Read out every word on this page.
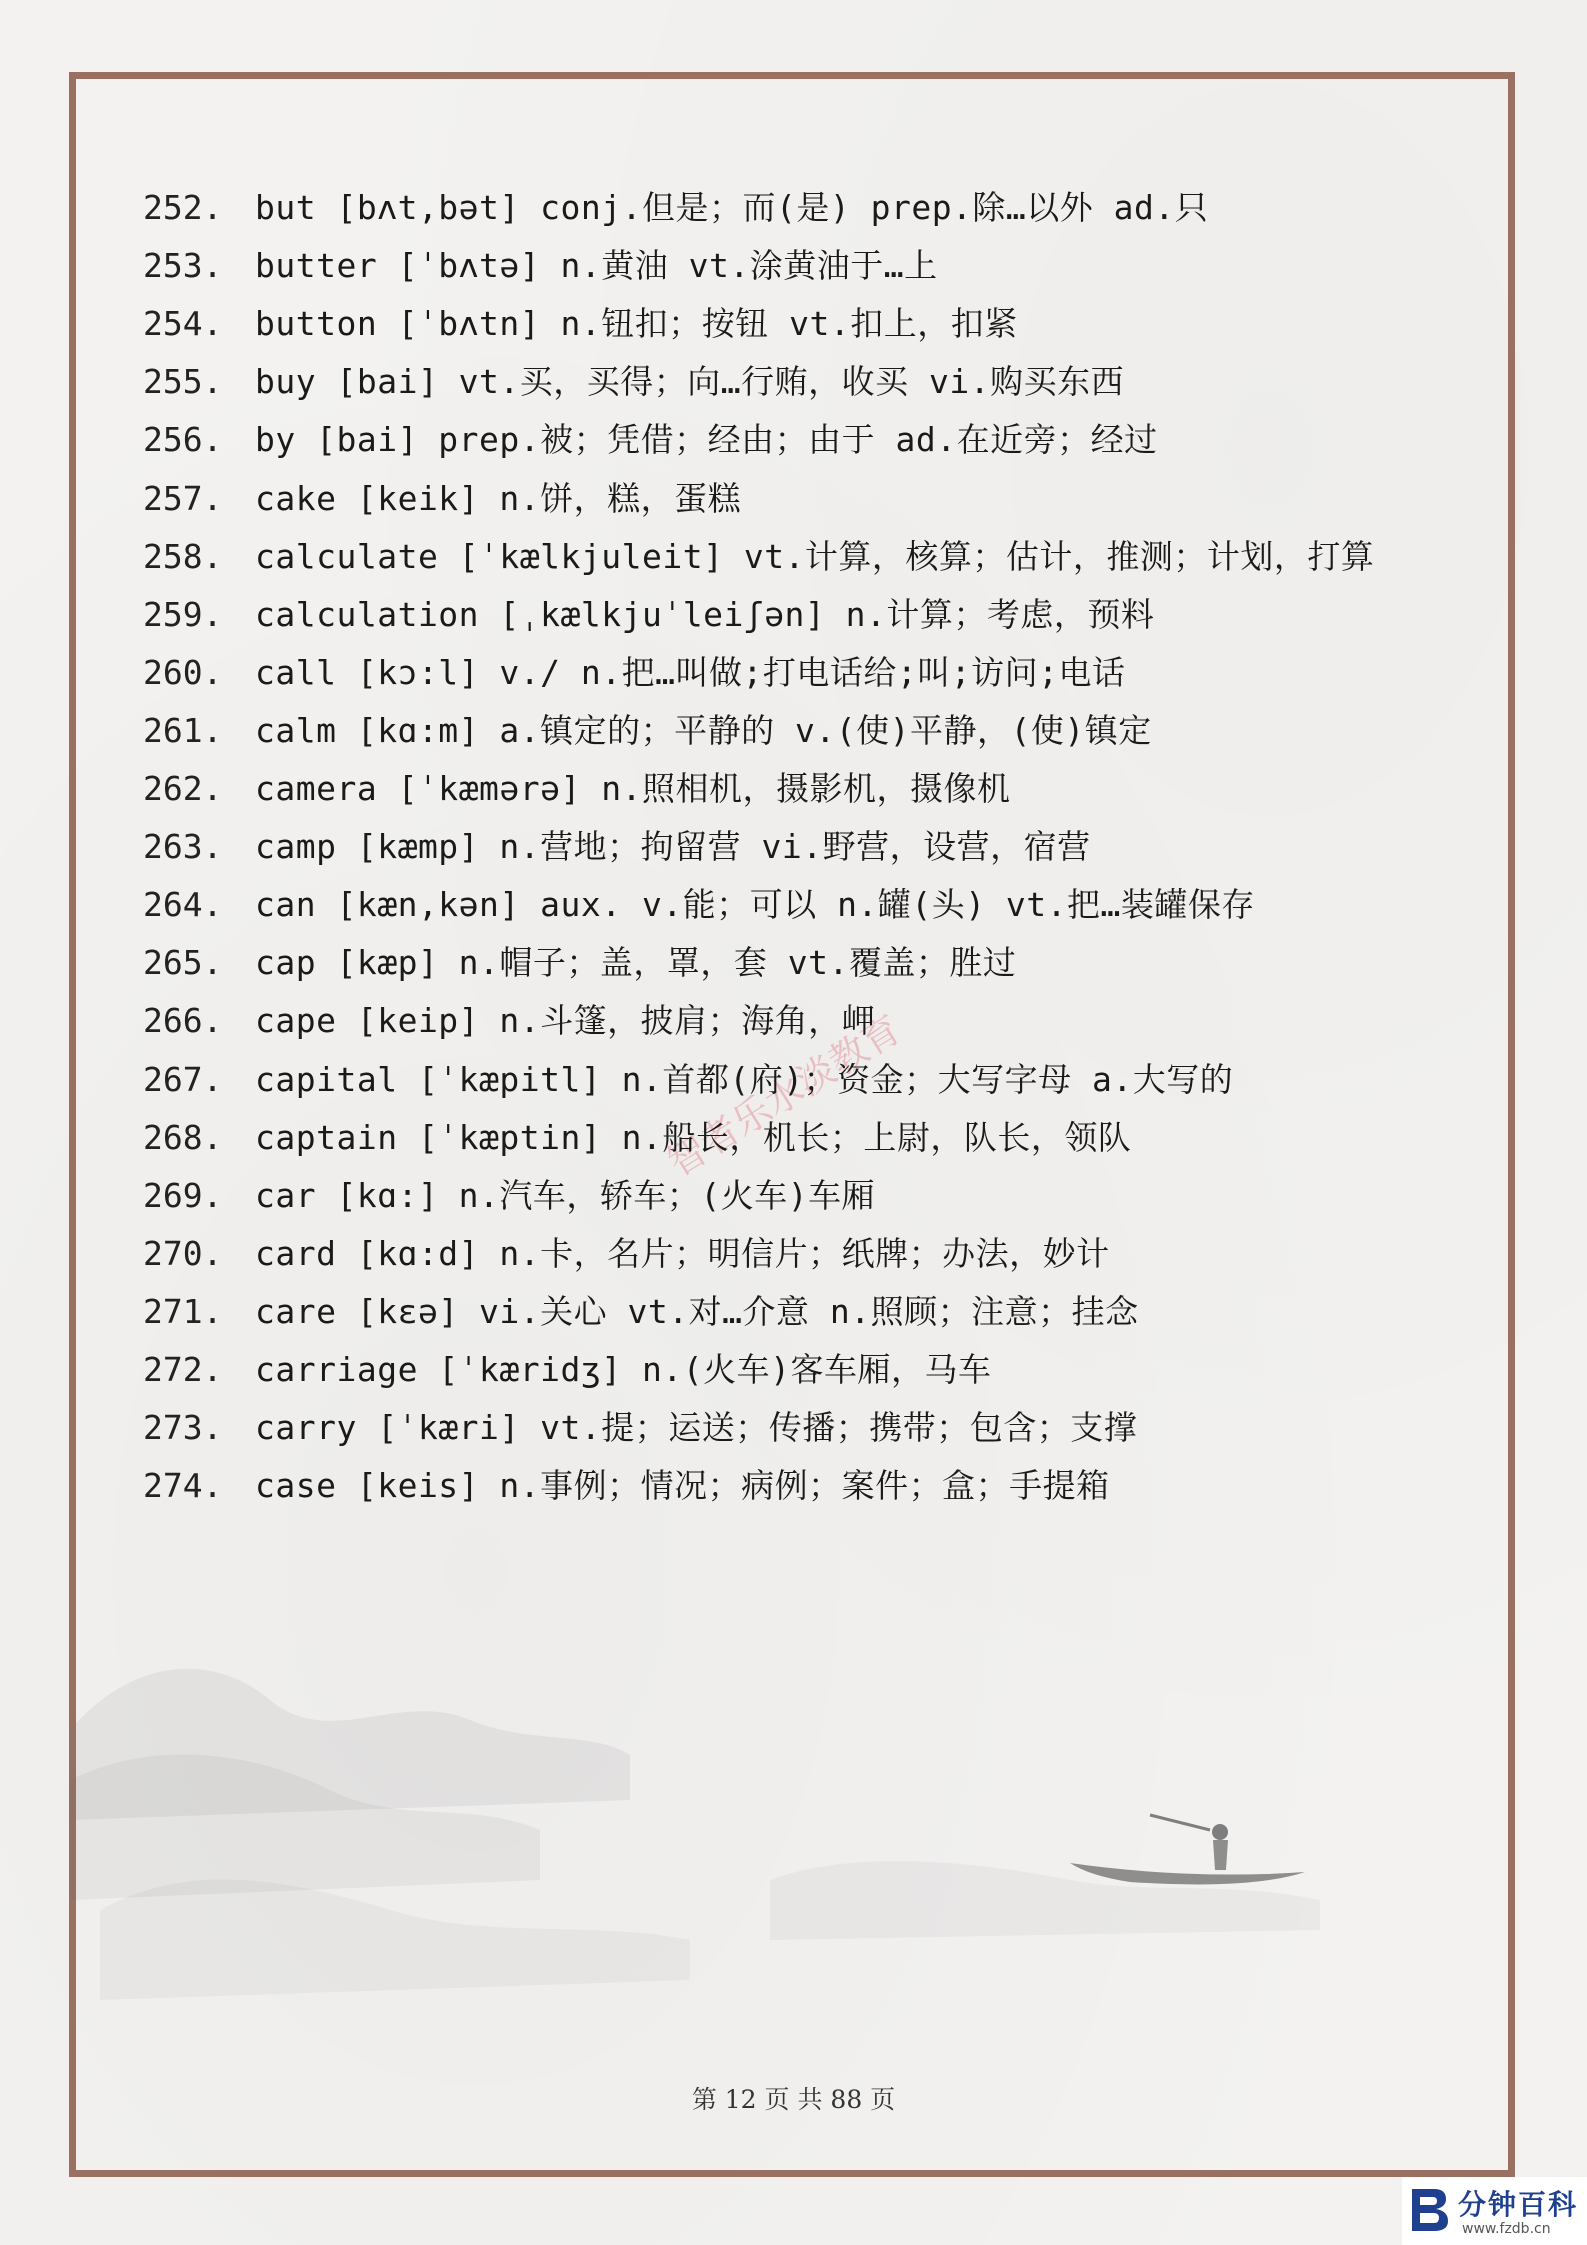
智者乐水淡教育
252. but [bʌt,bət] conj.但是；而(是) prep.除…以外 ad.只
253. butter [ˈbʌtə] n.黄油 vt.涂黄油于…上
254. button [ˈbʌtn] n.钮扣；按钮 vt.扣上，扣紧
255. buy [bai] vt.买，买得；向…行贿，收买 vi.购买东西
256. by [bai] prep.被；凭借；经由；由于 ad.在近旁；经过
257. cake [keik] n.饼，糕，蛋糕
258. calculate [ˈkælkjuleit] vt.计算，核算；估计，推测；计划，打算
259. calculation [ˌkælkjuˈleiʃən] n.计算；考虑，预料
260. call [kɔ:l] v./ n.把…叫做;打电话给;叫;访问;电话
261. calm [kɑ:m] a.镇定的；平静的 v.(使)平静，(使)镇定
262. camera [ˈkæmərə] n.照相机，摄影机，摄像机
263. camp [kæmp] n.营地；拘留营 vi.野营，设营，宿营
264. can [kæn,kən] aux. v.能；可以 n.罐(头) vt.把…装罐保存
265. cap [kæp] n.帽子；盖，罩，套 vt.覆盖；胜过
266. cape [keip] n.斗篷，披肩；海角，岬
267. capital [ˈkæpitl] n.首都(府)；资金；大写字母 a.大写的
268. captain [ˈkæptin] n.船长，机长；上尉，队长，领队
269. car [kɑ:] n.汽车，轿车；(火车)车厢
270. card [kɑ:d] n.卡，名片；明信片；纸牌；办法，妙计
271. care [kεə] vi.关心 vt.对…介意 n.照顾；注意；挂念
272. carriage [ˈkæridʒ] n.(火车)客车厢，马车
273. carry [ˈkæri] vt.提；运送；传播；携带；包含；支撑
274. case [keis] n.事例；情况；病例；案件；盒；手提箱
第 12 页 共 88 页
分钟百科
www.fzdb.cn
